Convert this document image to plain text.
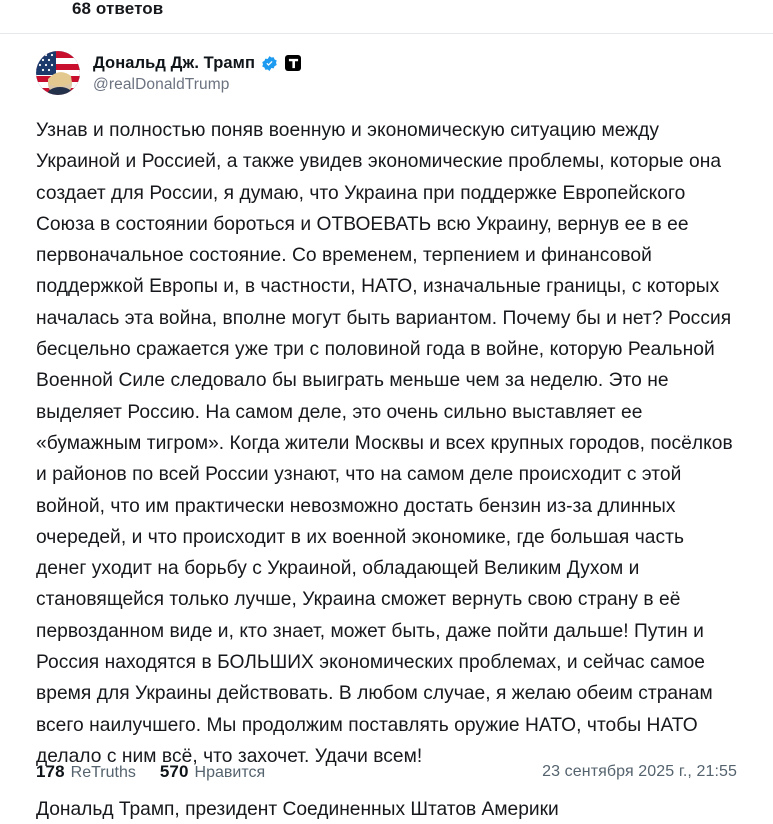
68 ответов
Дональд Дж. Трамп
@realDonaldTrump
Узнав и полностью поняв военную и экономическую ситуацию между Украиной и Россией, а также увидев экономические проблемы, которые она создает для России, я думаю, что Украина при поддержке Европейского Союза в состоянии бороться и ОТВОЕВАТЬ всю Украину, вернув ее в ее первоначальное состояние. Со временем, терпением и финансовой поддержкой Европы и, в частности, НАТО, изначальные границы, с которых началась эта война, вполне могут быть вариантом. Почему бы и нет? Россия бесцельно сражается уже три с половиной года в войне, которую Реальной Военной Силе следовало бы выиграть меньше чем за неделю. Это не выделяет Россию. На самом деле, это очень сильно выставляет ее «бумажным тигром». Когда жители Москвы и всех крупных городов, посёлков и районов по всей России узнают, что на самом деле происходит с этой войной, что им практически невозможно достать бензин из-за длинных очередей, и что происходит в их военной экономике, где большая часть денег уходит на борьбу с Украиной, обладающей Великим Духом и становящейся только лучше, Украина сможет вернуть свою страну в её первозданном виде и, кто знает, может быть, даже пойти дальше! Путин и Россия находятся в БОЛЬШИХ экономических проблемах, и сейчас самое время для Украины действовать. В любом случае, я желаю обеим странам всего наилучшего. Мы продолжим поставлять оружие НАТО, чтобы НАТО делало с ним всё, что захочет. Удачи всем!
Дональд Трамп, президент Соединенных Штатов Америки
178 ReTruths 570 Нравится	23 сентября 2025 г., 21:55
